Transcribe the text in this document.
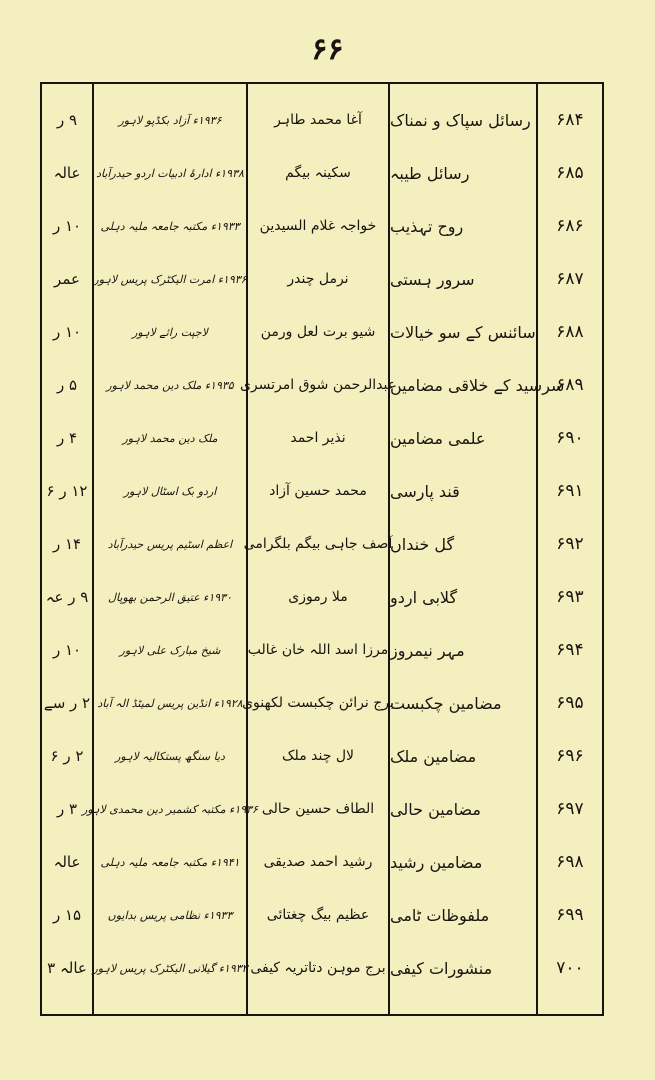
۶۶
۶۸۴
رسائل سپاک و نمناک
آغا محمد طاہر
۱۹۳۶ء آزاد بکڈپو لاہور
۹ ر
۶۸۵
رسائل طیبہ
سکینہ بیگم
۱۹۳۸ء ادارۂ ادبیات اردو حیدرآباد
عالہ
۶۸۶
روح تہذیب
خواجہ غلام السیدین
۱۹۳۳ء مکتبہ جامعہ ملیہ دہلی
۱۰ ر
۶۸۷
سرور ہستی
نرمل چندر
۱۹۳۶ء امرت الیکٹرک پریس لاہور
عمر
۶۸۸
سائنس کے سو خیالات
شیو برت لعل ورمن
لاجپت رائے لاہور
۱۰ ر
۶۸۹
سرسید کے خلاقی مضامین
عبدالرحمن شوق امرتسری
۱۹۳۵ء ملک دین محمد لاہور
۵ ر
۶۹۰
علمی مضامین
نذیر احمد
ملک دین محمد لاہور
۴ ر
۶۹۱
قند پارسی
محمد حسین آزاد
اردو بک اسٹال لاہور
۱۲ ر ۶
۶۹۲
گل خنداں
آصف جاہی بیگم بلگرامی
اعظم اسٹیم پریس حیدرآباد
۱۴ ر
۶۹۳
گلابی اردو
ملا رموزی
۱۹۳۰ء عتیق الرحمن بھوپال
۹ ر عہ
۶۹۴
مہر نیمروز
مرزا اسد اللہ خان غالب
شیخ مبارک علی لاہور
۱۰ ر
۶۹۵
مضامین چکبست
برج نرائن چکبست لکھنوی
۱۹۲۸ء انڈین پریس لمیٹڈ الہ آباد
۲ ر سے
۶۹۶
مضامین ملک
لال چند ملک
دیا سنگھ پستکالیہ لاہور
۲ ر ۶
۶۹۷
مضامین حالی
الطاف حسین حالی
۱۹۳۶ء مکتبہ کشمیر دین محمدی لاہور
۳ ر
۶۹۸
مضامین رشید
رشید احمد صدیقی
۱۹۴۱ء مکتبہ جامعہ ملیہ دہلی
عالہ
۶۹۹
ملفوظات ٹامی
عظیم بیگ چغتائی
۱۹۳۳ء نظامی پریس بدایوں
۱۵ ر
۷۰۰
منشورات کیفی
برج موہن دتاتریہ کیفی
۱۹۳۳ء گیلانی الیکٹرک پریس لاہور
عالہ ۳
